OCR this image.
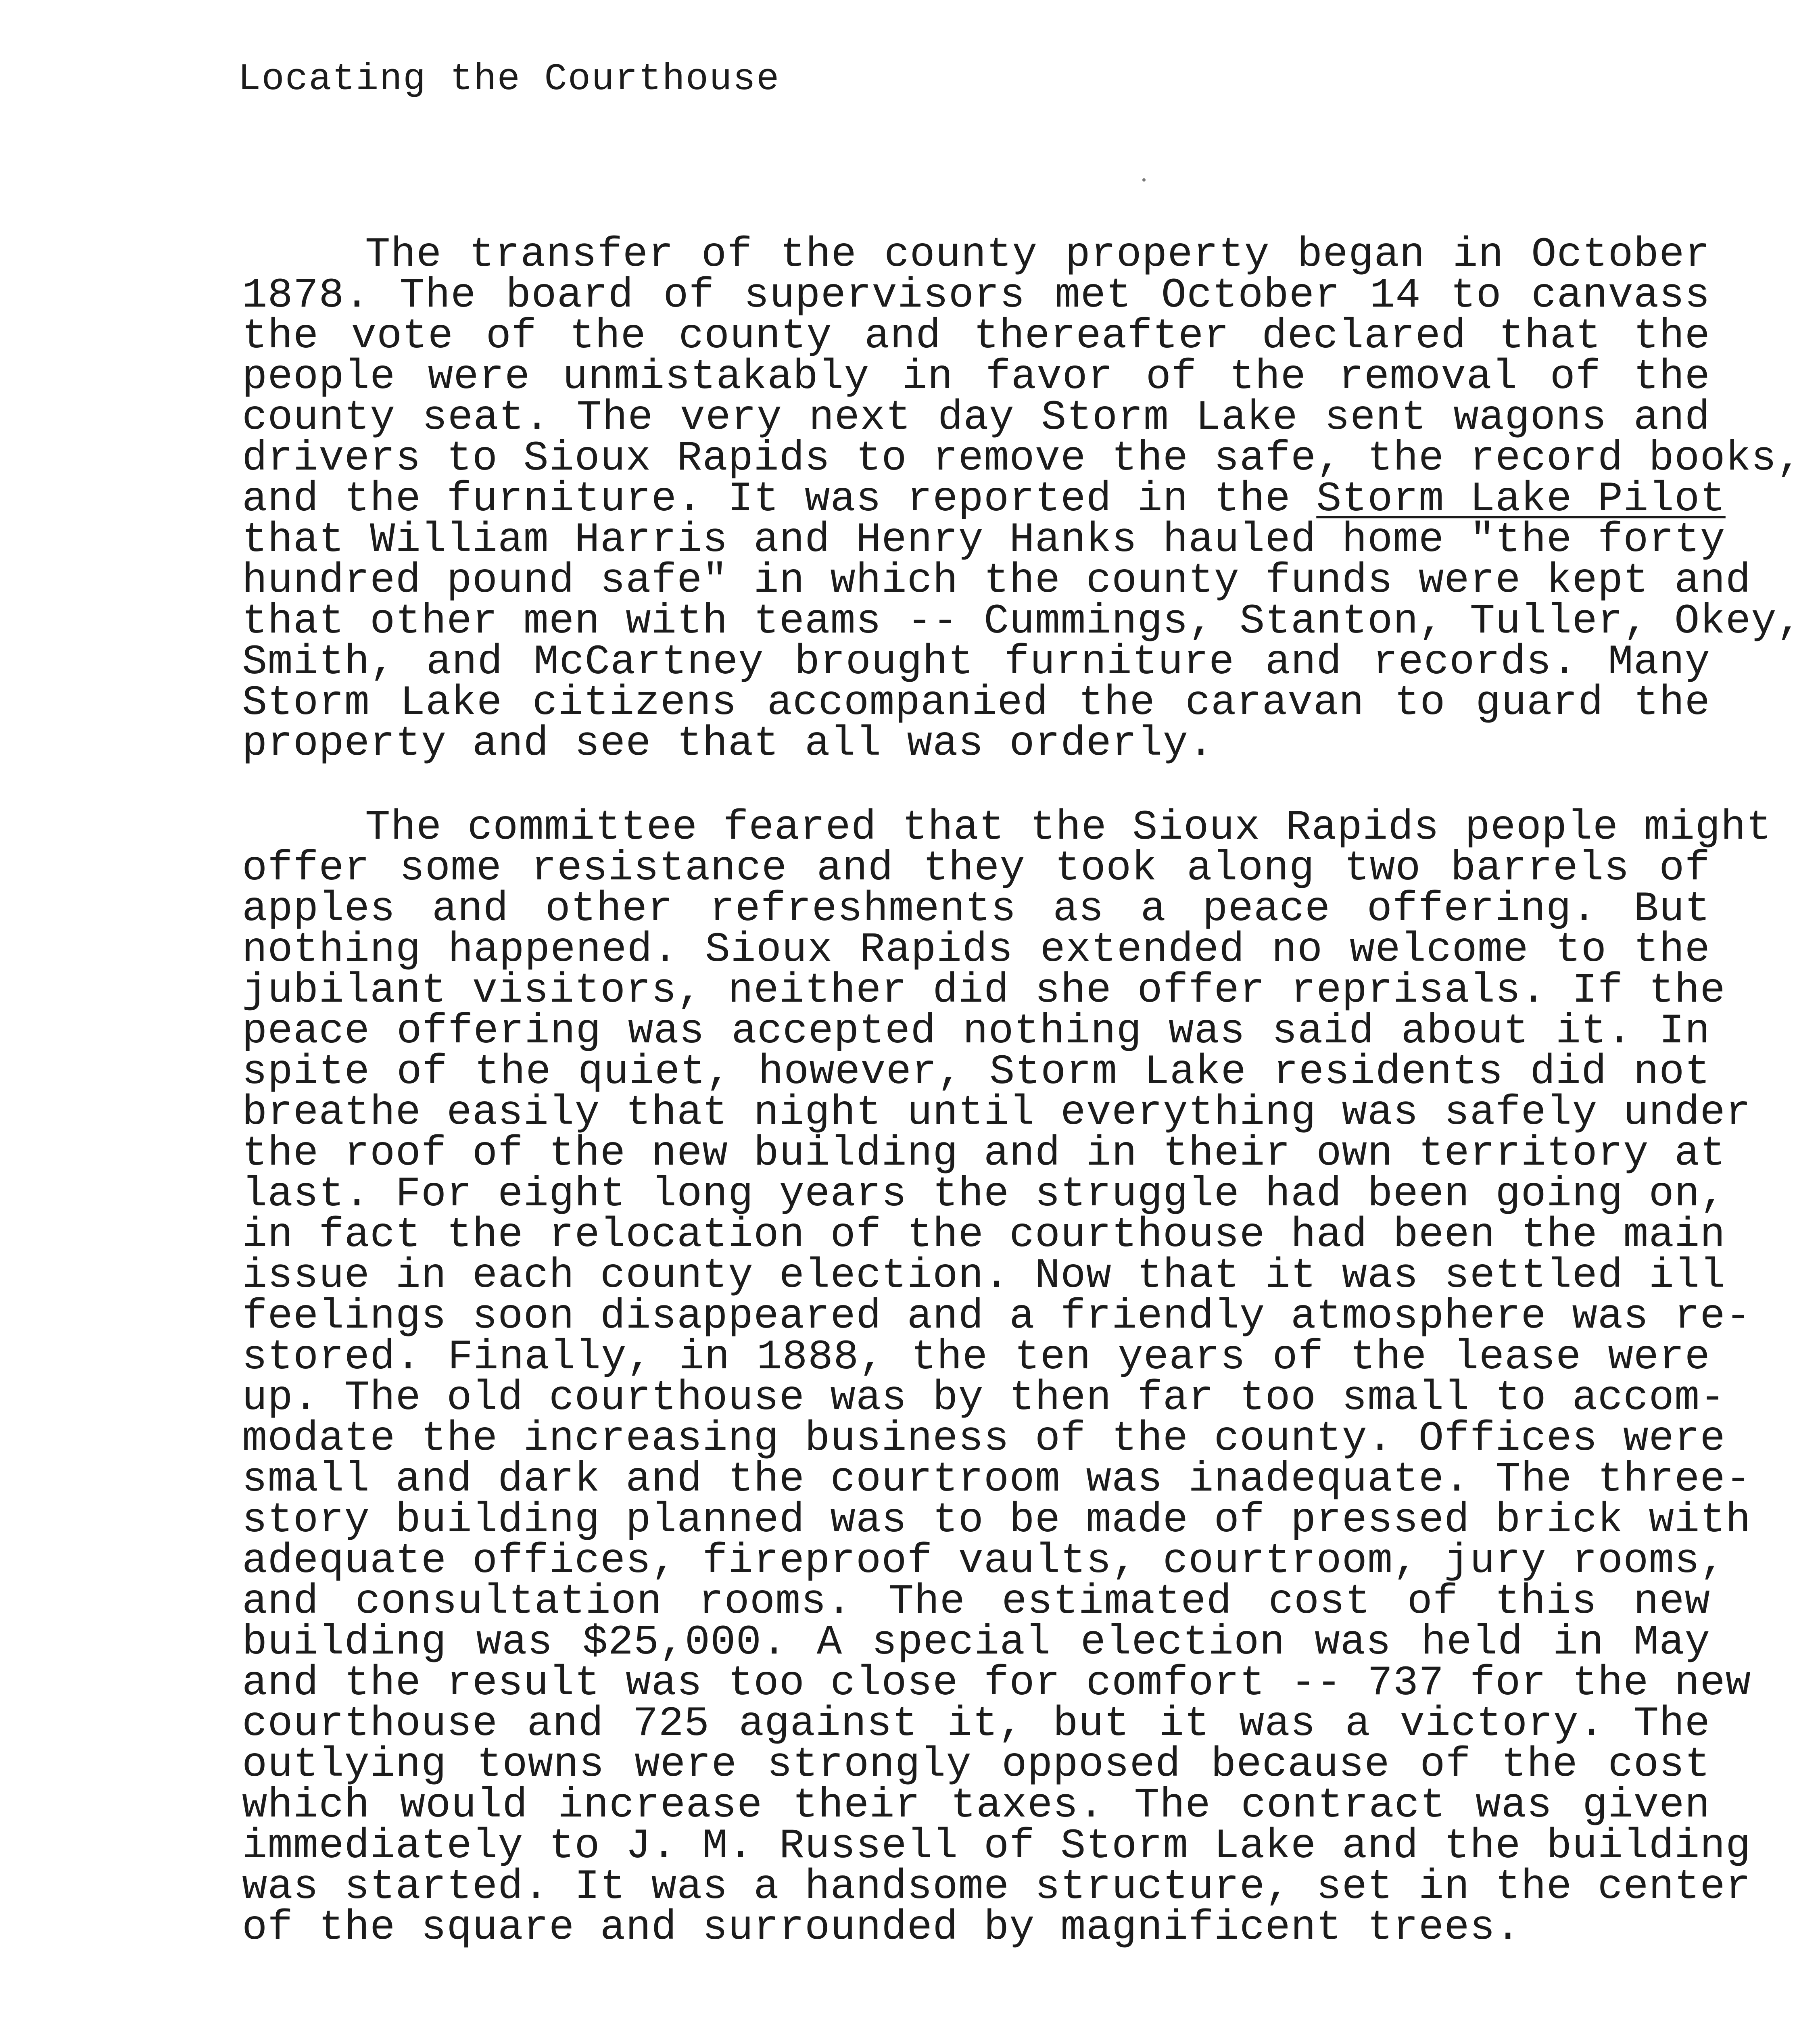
Locating the Courthouse
The transfer of the county property began in October
1878. The board of supervisors met October 14 to canvass
the vote of the county and thereafter declared that the
people were unmistakably in favor of the removal of the
county seat. The very next day Storm Lake sent wagons and
drivers to Sioux Rapids to remove the safe, the record books,
and the furniture. It was reported in the Storm Lake Pilot
that William Harris and Henry Hanks hauled home "the forty
hundred pound safe" in which the county funds were kept and
that other men with teams -- Cummings, Stanton, Tuller, Okey,
Smith, and McCartney brought furniture and records. Many
Storm Lake citizens accompanied the caravan to guard the
property and see that all was orderly.
The committee feared that the Sioux Rapids people might
offer some resistance and they took along two barrels of
apples and other refreshments as a peace offering. But
nothing happened. Sioux Rapids extended no welcome to the
jubilant visitors, neither did she offer reprisals. If the
peace offering was accepted nothing was said about it. In
spite of the quiet, however, Storm Lake residents did not
breathe easily that night until everything was safely under
the roof of the new building and in their own territory at
last. For eight long years the struggle had been going on,
in fact the relocation of the courthouse had been the main
issue in each county election. Now that it was settled ill
feelings soon disappeared and a friendly atmosphere was re-
stored. Finally, in 1888, the ten years of the lease were
up. The old courthouse was by then far too small to accom-
modate the increasing business of the county. Offices were
small and dark and the courtroom was inadequate. The three-
story building planned was to be made of pressed brick with
adequate offices, fireproof vaults, courtroom, jury rooms,
and consultation rooms. The estimated cost of this new
building was $25,000. A special election was held in May
and the result was too close for comfort -- 737 for the new
courthouse and 725 against it, but it was a victory. The
outlying towns were strongly opposed because of the cost
which would increase their taxes. The contract was given
immediately to J. M. Russell of Storm Lake and the building
was started. It was a handsome structure, set in the center
of the square and surrounded by magnificent trees.
